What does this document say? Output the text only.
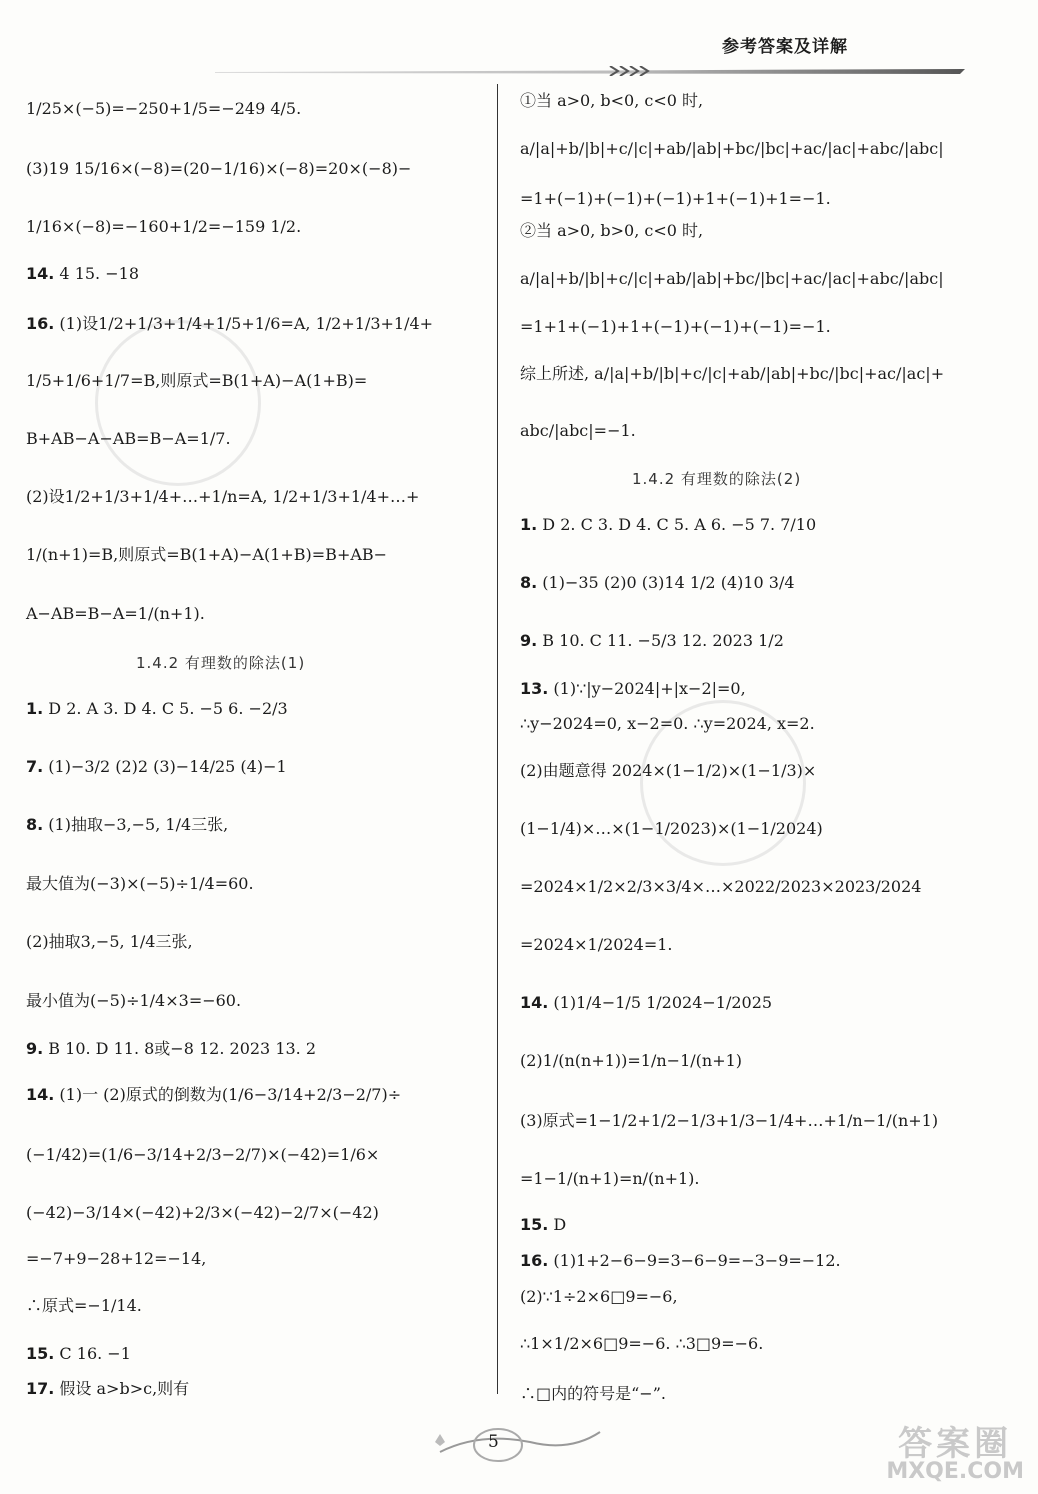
参考答案及详解
1/25×(−5)=−250+1/5=−249 4/5.
(3)19 15/16×(−8)=(20−1/16)×(−8)=20×(−8)−
1/16×(−8)=−160+1/2=−159 1/2.
14. 4 15. −18
16. (1)设1/2+1/3+1/4+1/5+1/6=A, 1/2+1/3+1/4+
1/5+1/6+1/7=B,则原式=B(1+A)−A(1+B)=
B+AB−A−AB=B−A=1/7.
(2)设1/2+1/3+1/4+…+1/n=A, 1/2+1/3+1/4+…+
1/(n+1)=B,则原式=B(1+A)−A(1+B)=B+AB−
A−AB=B−A=1/(n+1).
1.4.2 有理数的除法(1)
1. D 2. A 3. D 4. C 5. −5 6. −2/3
7. (1)−3/2 (2)2 (3)−14/25 (4)−1
8. (1)抽取−3,−5, 1/4三张,
最大值为(−3)×(−5)÷1/4=60.
(2)抽取3,−5, 1/4三张,
最小值为(−5)÷1/4×3=−60.
9. B 10. D 11. 8或−8 12. 2023 13. 2
14. (1)一 (2)原式的倒数为(1/6−3/14+2/3−2/7)÷
(−1/42)=(1/6−3/14+2/3−2/7)×(−42)=1/6×
(−42)−3/14×(−42)+2/3×(−42)−2/7×(−42)
=−7+9−28+12=−14,
∴原式=−1/14.
15. C 16. −1
17. 假设 a>b>c,则有
①当 a>0, b<0, c<0 时,
a/|a|+b/|b|+c/|c|+ab/|ab|+bc/|bc|+ac/|ac|+abc/|abc|
=1+(−1)+(−1)+(−1)+1+(−1)+1=−1.
②当 a>0, b>0, c<0 时,
a/|a|+b/|b|+c/|c|+ab/|ab|+bc/|bc|+ac/|ac|+abc/|abc|
=1+1+(−1)+1+(−1)+(−1)+(−1)=−1.
综上所述, a/|a|+b/|b|+c/|c|+ab/|ab|+bc/|bc|+ac/|ac|+
abc/|abc|=−1.
1.4.2 有理数的除法(2)
1. D 2. C 3. D 4. C 5. A 6. −5 7. 7/10
8. (1)−35 (2)0 (3)14 1/2 (4)10 3/4
9. B 10. C 11. −5/3 12. 2023 1/2
13. (1)∵|y−2024|+|x−2|=0,
∴y−2024=0, x−2=0. ∴y=2024, x=2.
(2)由题意得 2024×(1−1/2)×(1−1/3)×
(1−1/4)×…×(1−1/2023)×(1−1/2024)
=2024×1/2×2/3×3/4×…×2022/2023×2023/2024
=2024×1/2024=1.
14. (1)1/4−1/5 1/2024−1/2025
(2)1/(n(n+1))=1/n−1/(n+1)
(3)原式=1−1/2+1/2−1/3+1/3−1/4+…+1/n−1/(n+1)
=1−1/(n+1)=n/(n+1).
15. D
16. (1)1+2−6−9=3−6−9=−3−9=−12.
(2)∵1÷2×6□9=−6,
∴1×1/2×6□9=−6. ∴3□9=−6.
∴□内的符号是“−”.
5	答案圈
MXQE.COM
